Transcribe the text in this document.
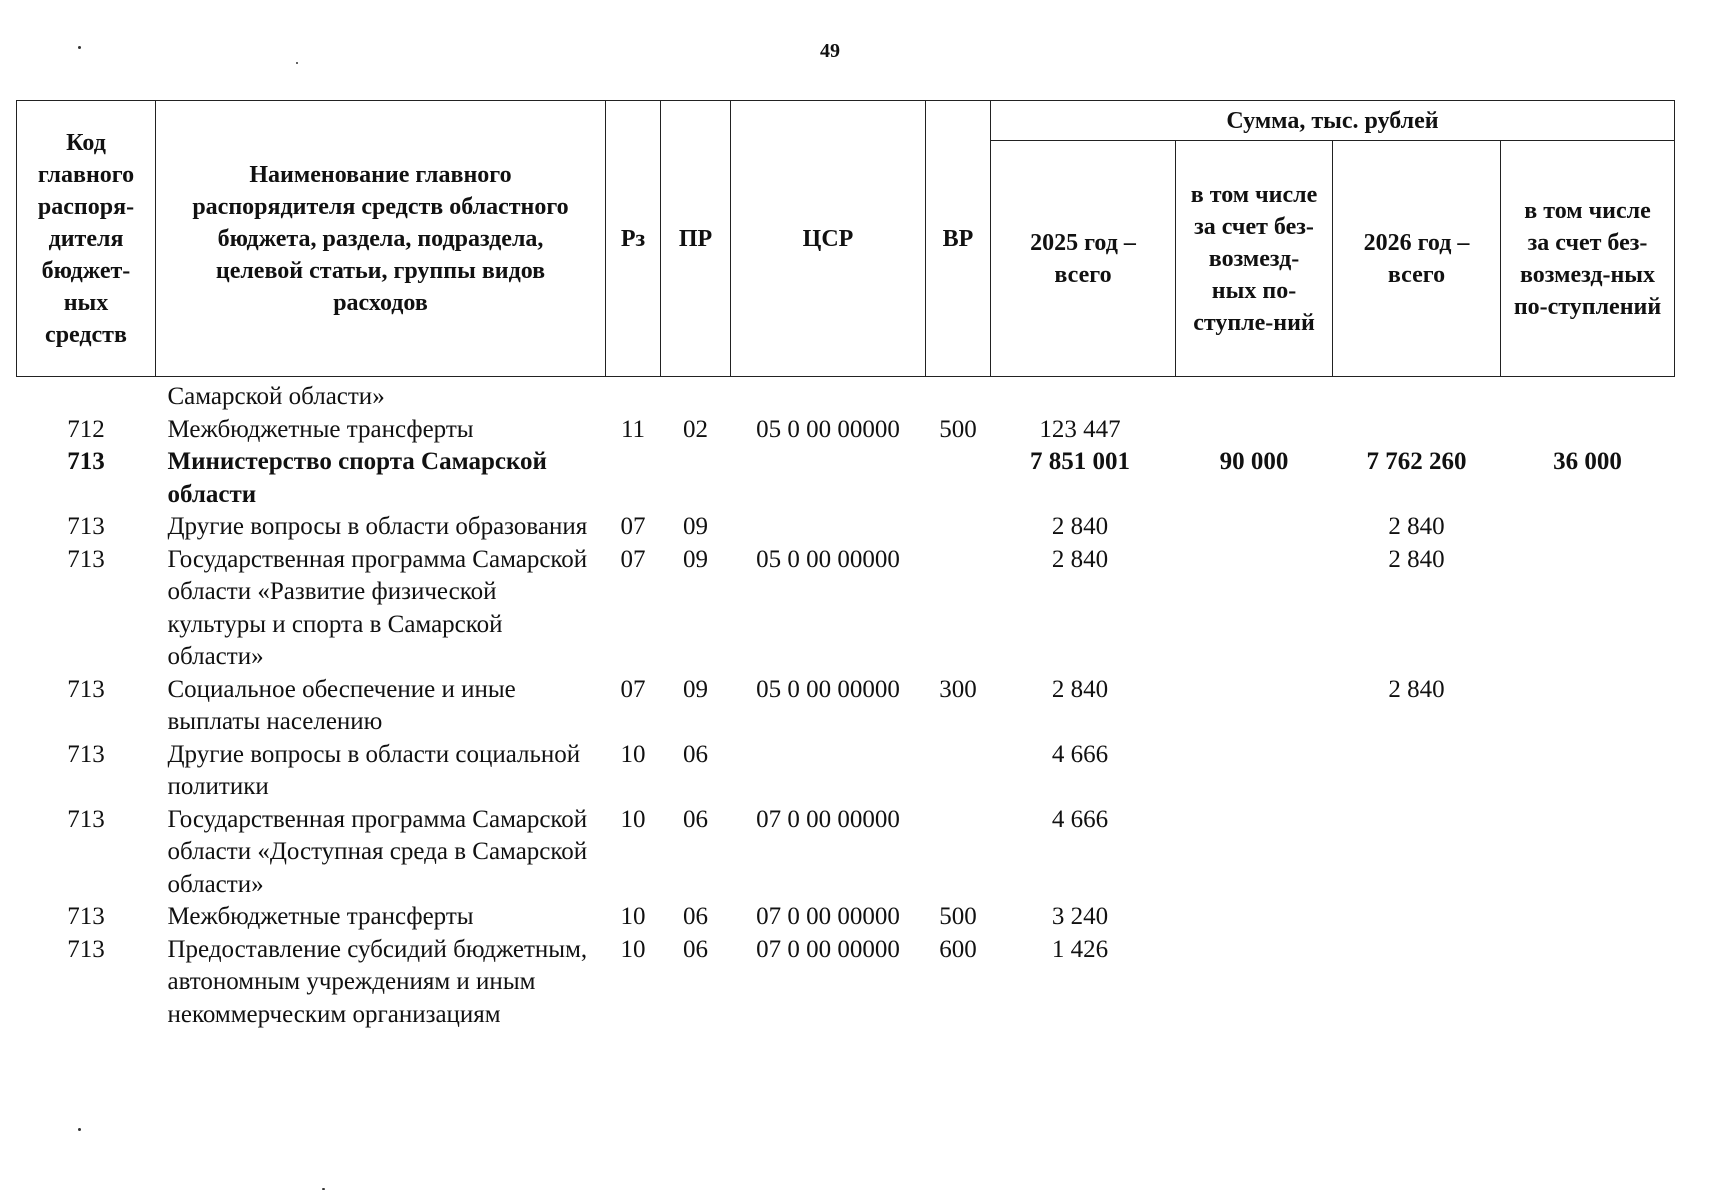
49
Код главного распоря-дителя бюджет-ных средств	Наименование главного распорядителя средств областного бюджета, раздела, подраздела, целевой статьи, группы видов расходов	Рз	ПР	ЦСР	ВР	Сумма, тыс. рублей			
						2025 год – всего	в том числе за счет без-возмезд-ных по-ступле-ний	2026 год – всего	в том числе за счет без-возмезд-ных по-ступлений
	Самарской области»								
712	Межбюджетные трансферты	11	02	05 0 00 00000	500	123 447			
713	Министерство спорта Самарской области					7 851 001	90 000	7 762 260	36 000
713	Другие вопросы в области образования	07	09			2 840		2 840	
713	Государственная программа Самарской области «Развитие физической культуры и спорта в Самарской области»	07	09	05 0 00 00000		2 840		2 840	
713	Социальное обеспечение и иные выплаты населению	07	09	05 0 00 00000	300	2 840		2 840	
713	Другие вопросы в области социальной политики	10	06			4 666			
713	Государственная программа Самарской области «Доступная среда в Самарской области»	10	06	07 0 00 00000		4 666			
713	Межбюджетные трансферты	10	06	07 0 00 00000	500	3 240			
713	Предоставление субсидий бюджетным, автономным учреждениям и иным некоммерческим организациям	10	06	07 0 00 00000	600	1 426			
